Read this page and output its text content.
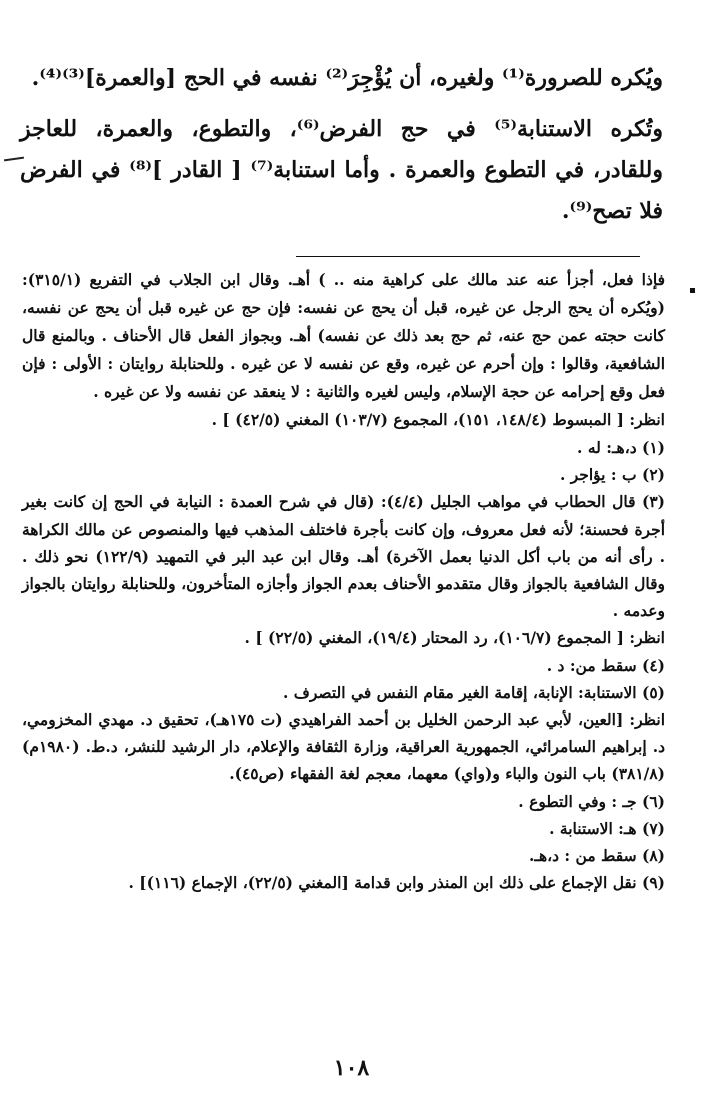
ويُكره للصرورة⁽¹⁾ ولغيره، أن يُؤْجِرَ⁽²⁾ نفسه في الحج [والعمرة]⁽³⁾⁽⁴⁾.

وتُكره الاستنابة⁽⁵⁾ في حج الفرض⁽⁶⁾، والتطوع، والعمرة، للعاجز وللقادر، في التطوع والعمرة . وأما استنابة⁽⁷⁾ [ القادر ]⁽⁸⁾ في الفرض فلا تصح⁽⁹⁾.

فإذا فعل، أجزأ عنه عند مالك على كراهية منه .. ) أهـ. وقال ابن الجلاب في التفريع (٣١٥/١): (ويُكره أن يحج الرجل عن غيره، قبل أن يحج عن نفسه: فإن حج عن غيره قبل أن يحج عن نفسه، كانت حجته عمن حج عنه، ثم حج بعد ذلك عن نفسه) أهـ. وبجواز الفعل قال الأحناف . وبالمنع قال الشافعية، وقالوا : وإن أحرم عن غيره، وقع عن نفسه لا عن غيره . وللحنابلة روايتان : الأولى : فإن فعل وقع إحرامه عن حجة الإسلام، وليس لغيره والثانية : لا ينعقد عن نفسه ولا عن غيره .

انظر: [ المبسوط (١٤٨/٤، ١٥١)، المجموع (١٠٣/٧) المغني (٤٢/٥) ] .

(١) د،هـ: له .

(٢) ب : يؤاجر .

(٣) قال الحطاب في مواهب الجليل (٤/٤): (قال في شرح العمدة : النيابة في الحج إن كانت بغير أجرة فحسنة؛ لأنه فعل معروف، وإن كانت بأجرة فاختلف المذهب فيها والمنصوص عن مالك الكراهة . رأى أنه من باب أكل الدنيا بعمل الآخرة) أهـ. وقال ابن عبد البر في التمهيد (١٢٢/٩) نحو ذلك . وقال الشافعية بالجواز وقال متقدمو الأحناف بعدم الجواز وأجازه المتأخرون، وللحنابلة روايتان بالجواز وعدمه .

انظر: [ المجموع (١٠٦/٧)، رد المحتار (١٩/٤)، المغني (٢٢/٥) ] .

(٤) سقط من: د .

(٥) الاستنابة: الإنابة، إقامة الغير مقام النفس في التصرف .

انظر: [العين، لأبي عبد الرحمن الخليل بن أحمد الفراهيدي (ت ١٧٥هـ)، تحقيق د. مهدي المخزومي، د. إبراهيم السامرائي، الجمهورية العراقية، وزارة الثقافة والإعلام، دار الرشيد للنشر، د.ط. (١٩٨٠م) (٣٨١/٨) باب النون والباء و(واي) معهما، معجم لغة الفقهاء (ص٤٥).

(٦) جـ : وفي التطوع .

(٧) هـ: الاستنابة .

(٨) سقط من : د،هـ.

(٩) نقل الإجماع على ذلك ابن المنذر وابن قدامة [المغني (٢٢/٥)، الإجماع (١١٦)] .

١٠٨
